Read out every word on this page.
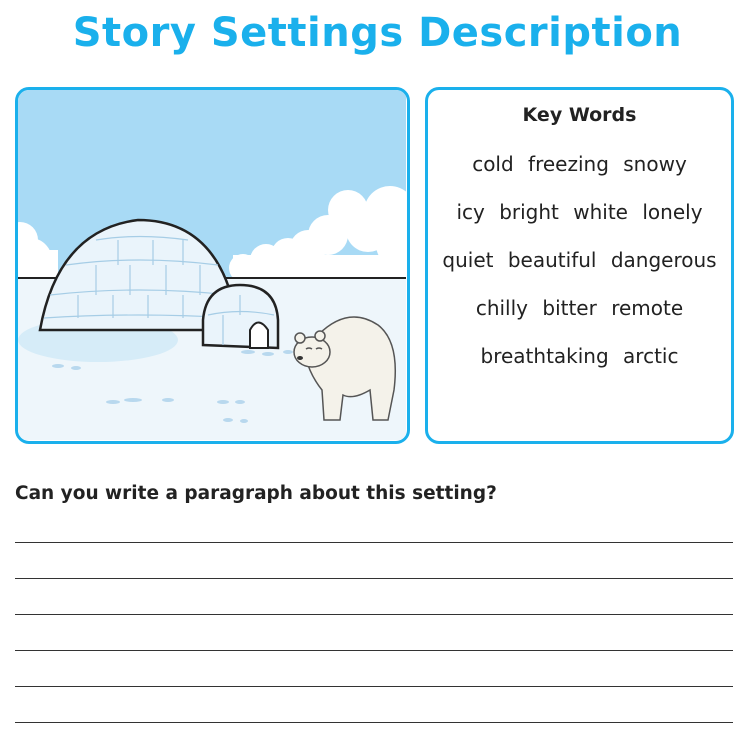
Story Settings Description
Key Words
cold freezing snowy
icy bright white lonely
quiet beautiful dangerous
chilly bitter remote
breathtaking arctic
Can you write a paragraph about this setting?
